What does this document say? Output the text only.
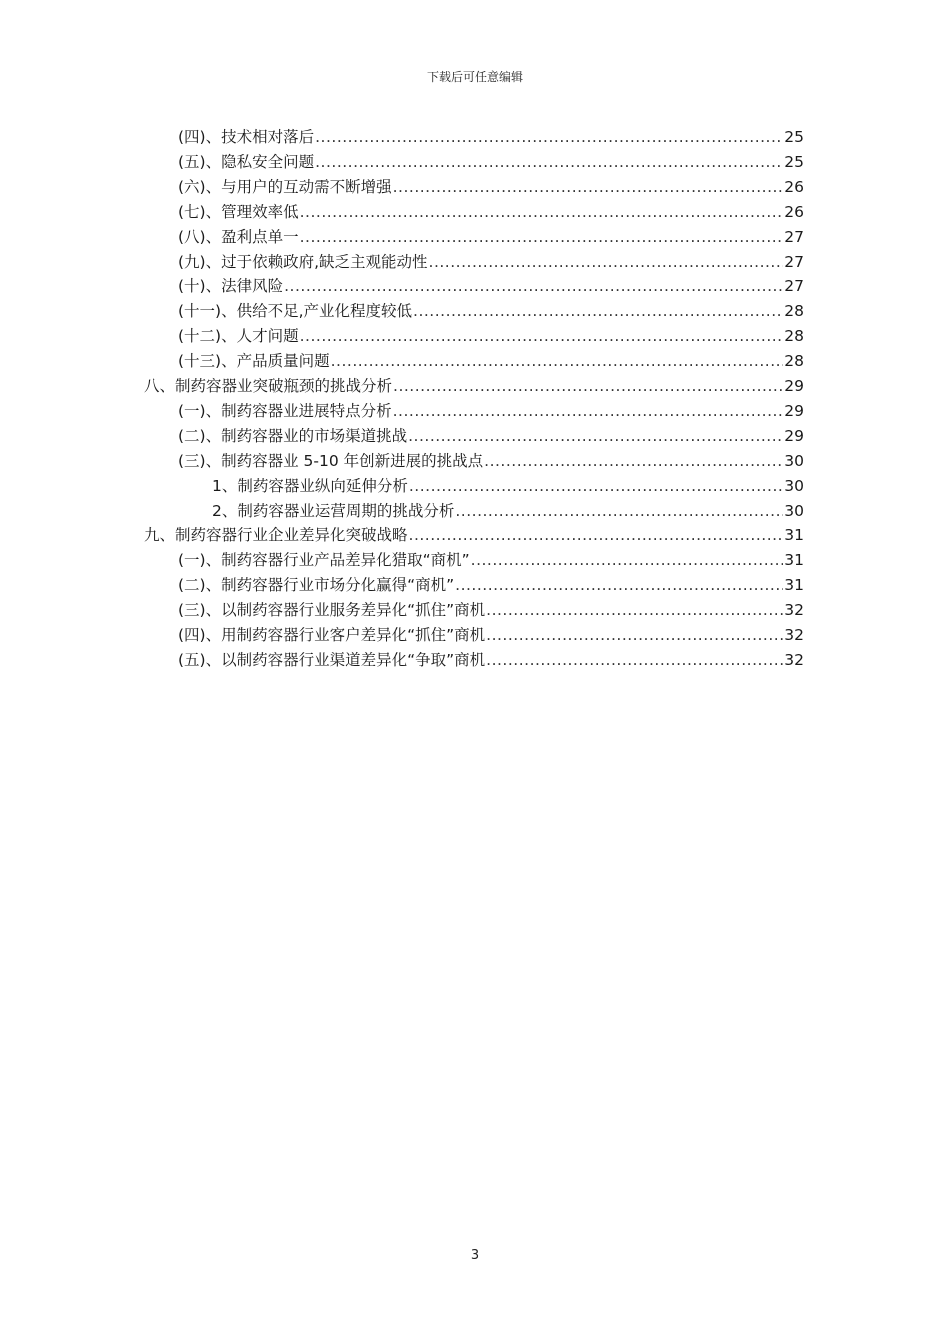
下载后可任意编辑
(四)、技术相对落后 .....	25
(五)、隐私安全问题 .....	25
(六)、与用户的互动需不断增强 .....	26
(七)、管理效率低 .....	26
(八)、盈利点单一 .....	27
(九)、过于依赖政府,缺乏主观能动性 .....	27
(十)、法律风险 .....	27
(十一)、供给不足,产业化程度较低 .....	28
(十二)、人才问题 .....	28
(十三)、产品质量问题 .....	28
八、制药容器业突破瓶颈的挑战分析 .....	29
(一)、制药容器业进展特点分析 .....	29
(二)、制药容器业的市场渠道挑战 .....	29
(三)、制药容器业 5-10 年创新进展的挑战点 .....	30
1、制药容器业纵向延伸分析 .....	30
2、制药容器业运营周期的挑战分析 .....	30
九、制药容器行业企业差异化突破战略 .....	31
(一)、制药容器行业产品差异化猎取“商机” .....	31
(二)、制药容器行业市场分化赢得“商机” .....	31
(三)、以制药容器行业服务差异化“抓住”商机 .....	32
(四)、用制药容器行业客户差异化“抓住”商机 .....	32
(五)、以制药容器行业渠道差异化“争取”商机 .....	32
3
